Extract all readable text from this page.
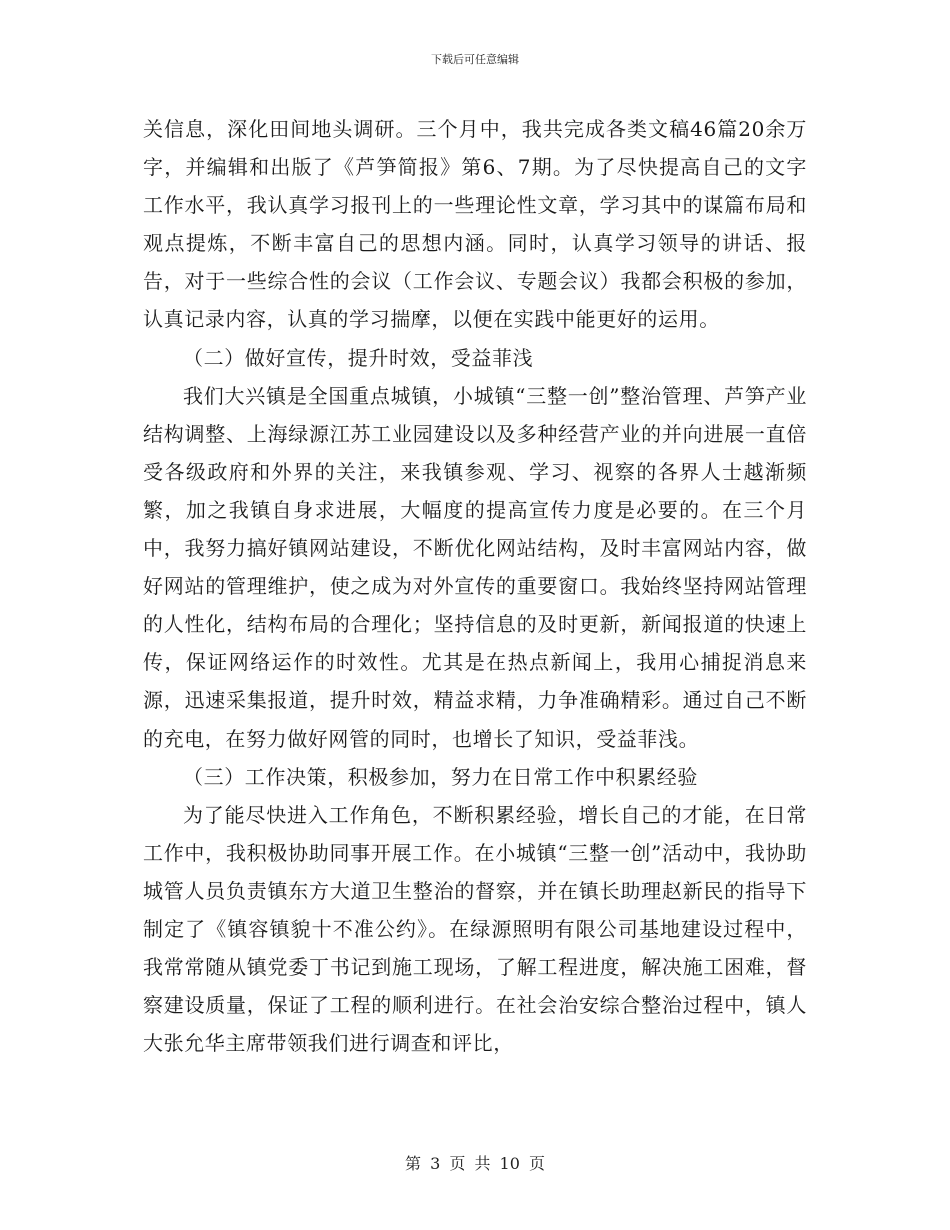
下载后可任意编辑

关信息，深化田间地头调研。三个月中，我共完成各类文稿46篇20余万字，并编辑和出版了《芦笋简报》第6、7期。为了尽快提高自己的文字工作水平，我认真学习报刊上的一些理论性文章，学习其中的谋篇布局和观点提炼，不断丰富自己的思想内涵。同时，认真学习领导的讲话、报告，对于一些综合性的会议（工作会议、专题会议）我都会积极的参加，认真记录内容，认真的学习揣摩，以便在实践中能更好的运用。

（二）做好宣传，提升时效，受益菲浅

我们大兴镇是全国重点城镇，小城镇“三整一创”整治管理、芦笋产业结构调整、上海绿源江苏工业园建设以及多种经营产业的并向进展一直倍受各级政府和外界的关注，来我镇参观、学习、视察的各界人士越渐频繁，加之我镇自身求进展，大幅度的提高宣传力度是必要的。在三个月中，我努力搞好镇网站建设，不断优化网站结构，及时丰富网站内容，做好网站的管理维护，使之成为对外宣传的重要窗口。我始终坚持网站管理的人性化，结构布局的合理化；坚持信息的及时更新，新闻报道的快速上传，保证网络运作的时效性。尤其是在热点新闻上，我用心捕捉消息来源，迅速采集报道，提升时效，精益求精，力争准确精彩。通过自己不断的充电，在努力做好网管的同时，也增长了知识，受益菲浅。

（三）工作决策，积极参加，努力在日常工作中积累经验

为了能尽快进入工作角色，不断积累经验，增长自己的才能，在日常工作中，我积极协助同事开展工作。在小城镇“三整一创”活动中，我协助城管人员负责镇东方大道卫生整治的督察，并在镇长助理赵新民的指导下制定了《镇容镇貌十不准公约》。在绿源照明有限公司基地建设过程中，我常常随从镇党委丁书记到施工现场，了解工程进度，解决施工困难，督察建设质量，保证了工程的顺利进行。在社会治安综合整治过程中，镇人大张允华主席带领我们进行调查和评比，

第 3 页 共 10 页
